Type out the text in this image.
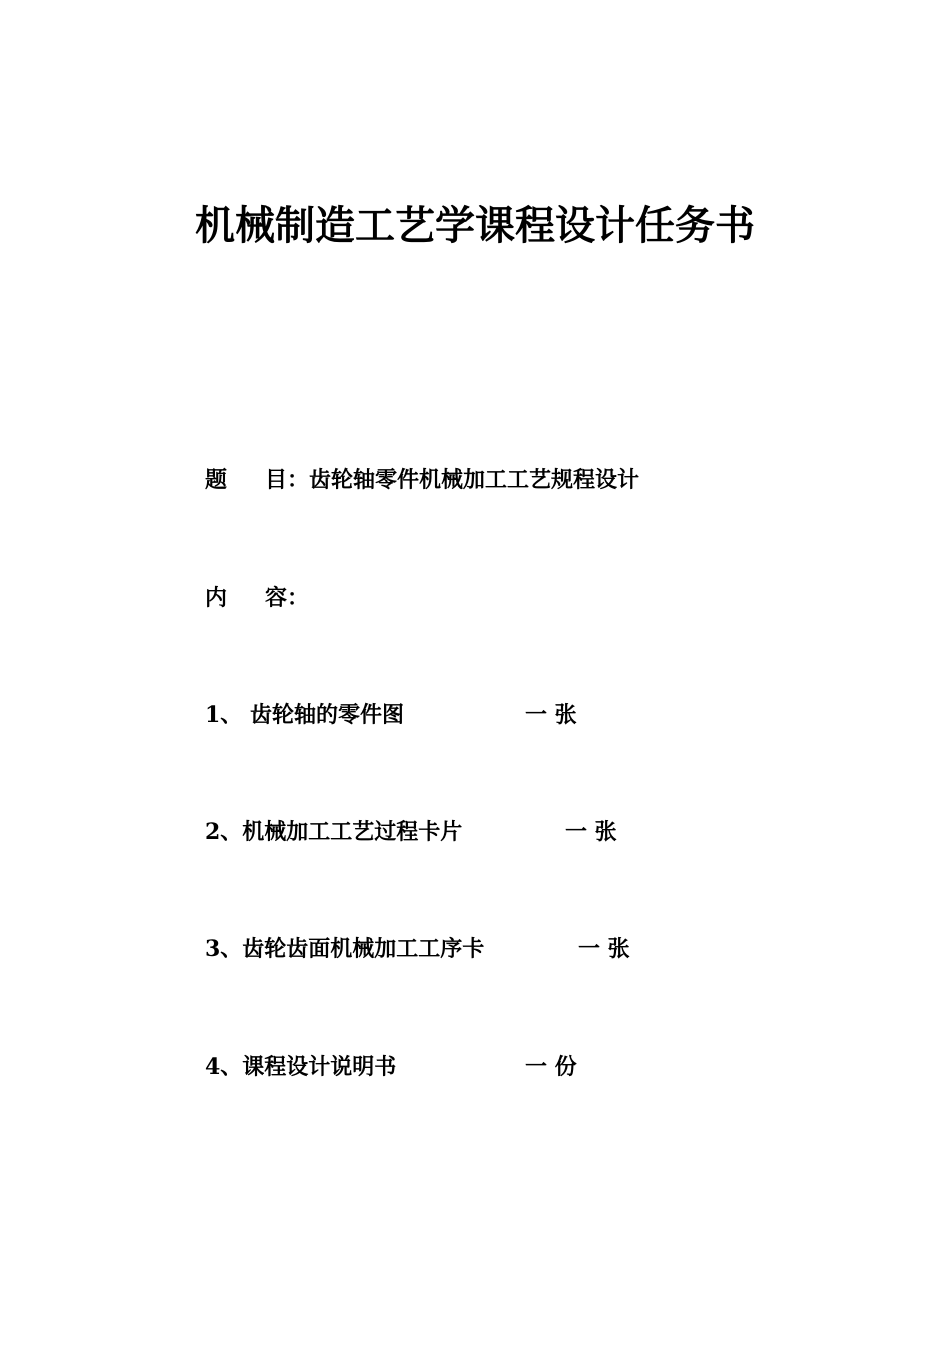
机械制造工艺学课程设计任务书
题 目：齿轮轴零件机械加工工艺规程设计
内 容：
1、 齿轮轴的零件图	一 张
2、机械加工工艺过程卡片	一 张
3、齿轮齿面机械加工工序卡	一 张
4、课程设计说明书	一 份
